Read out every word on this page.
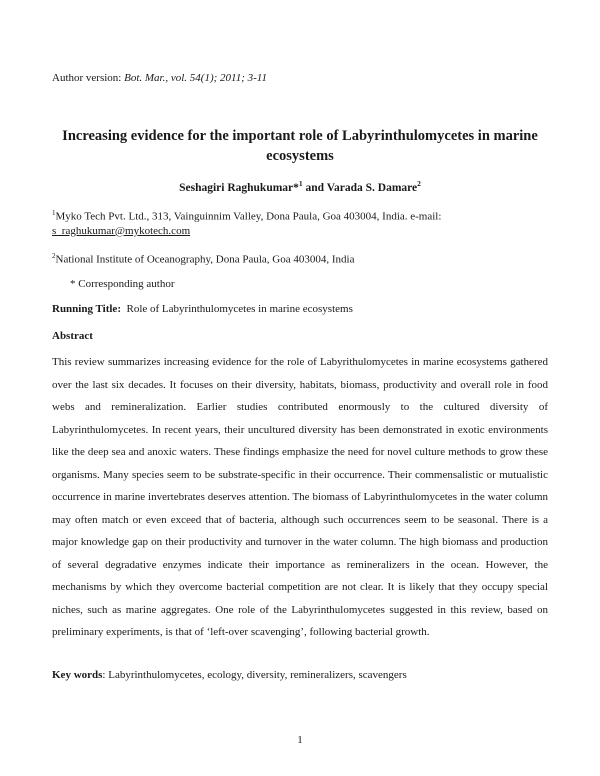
Author version: Bot. Mar., vol. 54(1); 2011; 3-11
Increasing evidence for the important role of Labyrinthulomycetes in marine ecosystems
Seshagiri Raghukumar*$^1$ and Varada S. Damare$^2$
$^1$Myko Tech Pvt. Ltd., 313, Vainguinnim Valley, Dona Paula, Goa 403004, India. e-mail:
s_raghukumar@mykotech.com
$^2$National Institute of Oceanography, Dona Paula, Goa 403004, India
* Corresponding author
Running Title: Role of Labyrinthulomycetes in marine ecosystems
Abstract

This review summarizes increasing evidence for the role of Labyrithulomycetes in marine ecosystems gathered over the last six decades. It focuses on their diversity, habitats, biomass, productivity and overall role in food webs and remineralization. Earlier studies contributed enormously to the cultured diversity of Labyrinthulomycetes. In recent years, their uncultured diversity has been demonstrated in exotic environments like the deep sea and anoxic waters. These findings emphasize the need for novel culture methods to grow these organisms. Many species seem to be substrate-specific in their occurrence. Their commensalistic or mutualistic occurrence in marine invertebrates deserves attention. The biomass of Labyrinthulomycetes in the water column may often match or even exceed that of bacteria, although such occurrences seem to be seasonal. There is a major knowledge gap on their productivity and turnover in the water column. The high biomass and production of several degradative enzymes indicate their importance as remineralizers in the ocean. However, the mechanisms by which they overcome bacterial competition are not clear. It is likely that they occupy special niches, such as marine aggregates. One role of the Labyrinthulomycetes suggested in this review, based on preliminary experiments, is that of ‘left-over scavenging’, following bacterial growth.

Key words: Labyrinthulomycetes, ecology, diversity, remineralizers, scavengers
1
